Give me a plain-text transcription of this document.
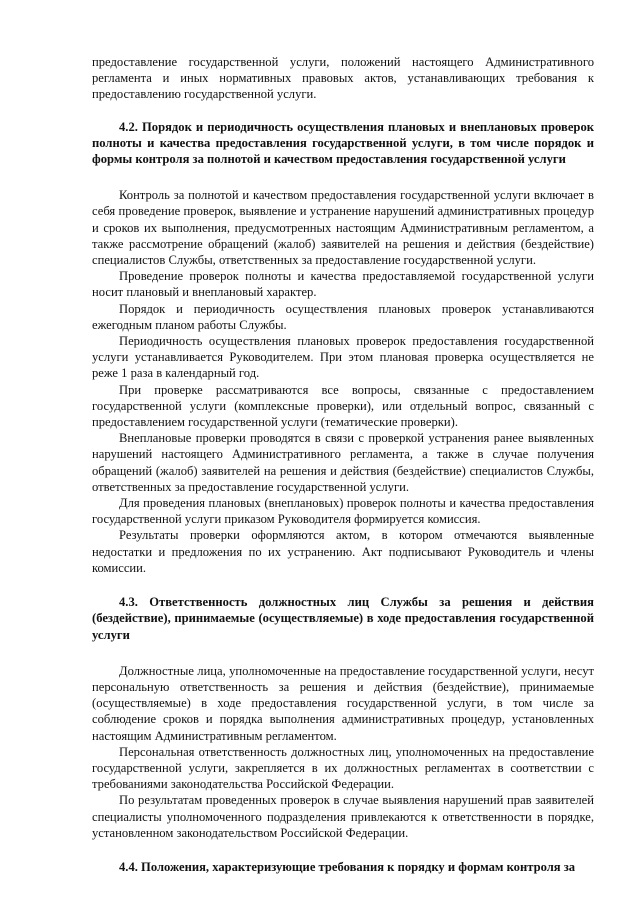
предоставление государственной услуги, положений настоящего Административного регламента и иных нормативных правовых актов, устанавливающих требования к предоставлению государственной услуги.

4.2. Порядок и периодичность осуществления плановых и внеплановых проверок полноты и качества предоставления государственной услуги, в том числе порядок и формы контроля за полнотой и качеством предоставления государственной услуги

Контроль за полнотой и качеством предоставления государственной услуги включает в себя проведение проверок, выявление и устранение нарушений административных процедур и сроков их выполнения, предусмотренных настоящим Административным регламентом, а также рассмотрение обращений (жалоб) заявителей на решения и действия (бездействие) специалистов Службы, ответственных за предоставление государственной услуги.

Проведение проверок полноты и качества предоставляемой государственной услуги носит плановый и внеплановый характер.

Порядок и периодичность осуществления плановых проверок устанавливаются ежегодным планом работы Службы.

Периодичность осуществления плановых проверок предоставления государственной услуги устанавливается Руководителем. При этом плановая проверка осуществляется не реже 1 раза в календарный год.

При проверке рассматриваются все вопросы, связанные с предоставлением государственной услуги (комплексные проверки), или отдельный вопрос, связанный с предоставлением государственной услуги (тематические проверки).

Внеплановые проверки проводятся в связи с проверкой устранения ранее выявленных нарушений настоящего Административного регламента, а также в случае получения обращений (жалоб) заявителей на решения и действия (бездействие) специалистов Службы, ответственных за предоставление государственной услуги.

Для проведения плановых (внеплановых) проверок полноты и качества предоставления государственной услуги приказом Руководителя формируется комиссия.

Результаты проверки оформляются актом, в котором отмечаются выявленные недостатки и предложения по их устранению. Акт подписывают Руководитель и члены комиссии.

4.3. Ответственность должностных лиц Службы за решения и действия (бездействие), принимаемые (осуществляемые) в ходе предоставления государственной услуги

Должностные лица, уполномоченные на предоставление государственной услуги, несут персональную ответственность за решения и действия (бездействие), принимаемые (осуществляемые) в ходе предоставления государственной услуги, в том числе за соблюдение сроков и порядка выполнения административных процедур, установленных настоящим Административным регламентом.

Персональная ответственность должностных лиц, уполномоченных на предоставление государственной услуги, закрепляется в их должностных регламентах в соответствии с требованиями законодательства Российской Федерации.

По результатам проведенных проверок в случае выявления нарушений прав заявителей специалисты уполномоченного подразделения привлекаются к ответственности в порядке, установленном законодательством Российской Федерации.

4.4. Положения, характеризующие требования к порядку и формам контроля за
